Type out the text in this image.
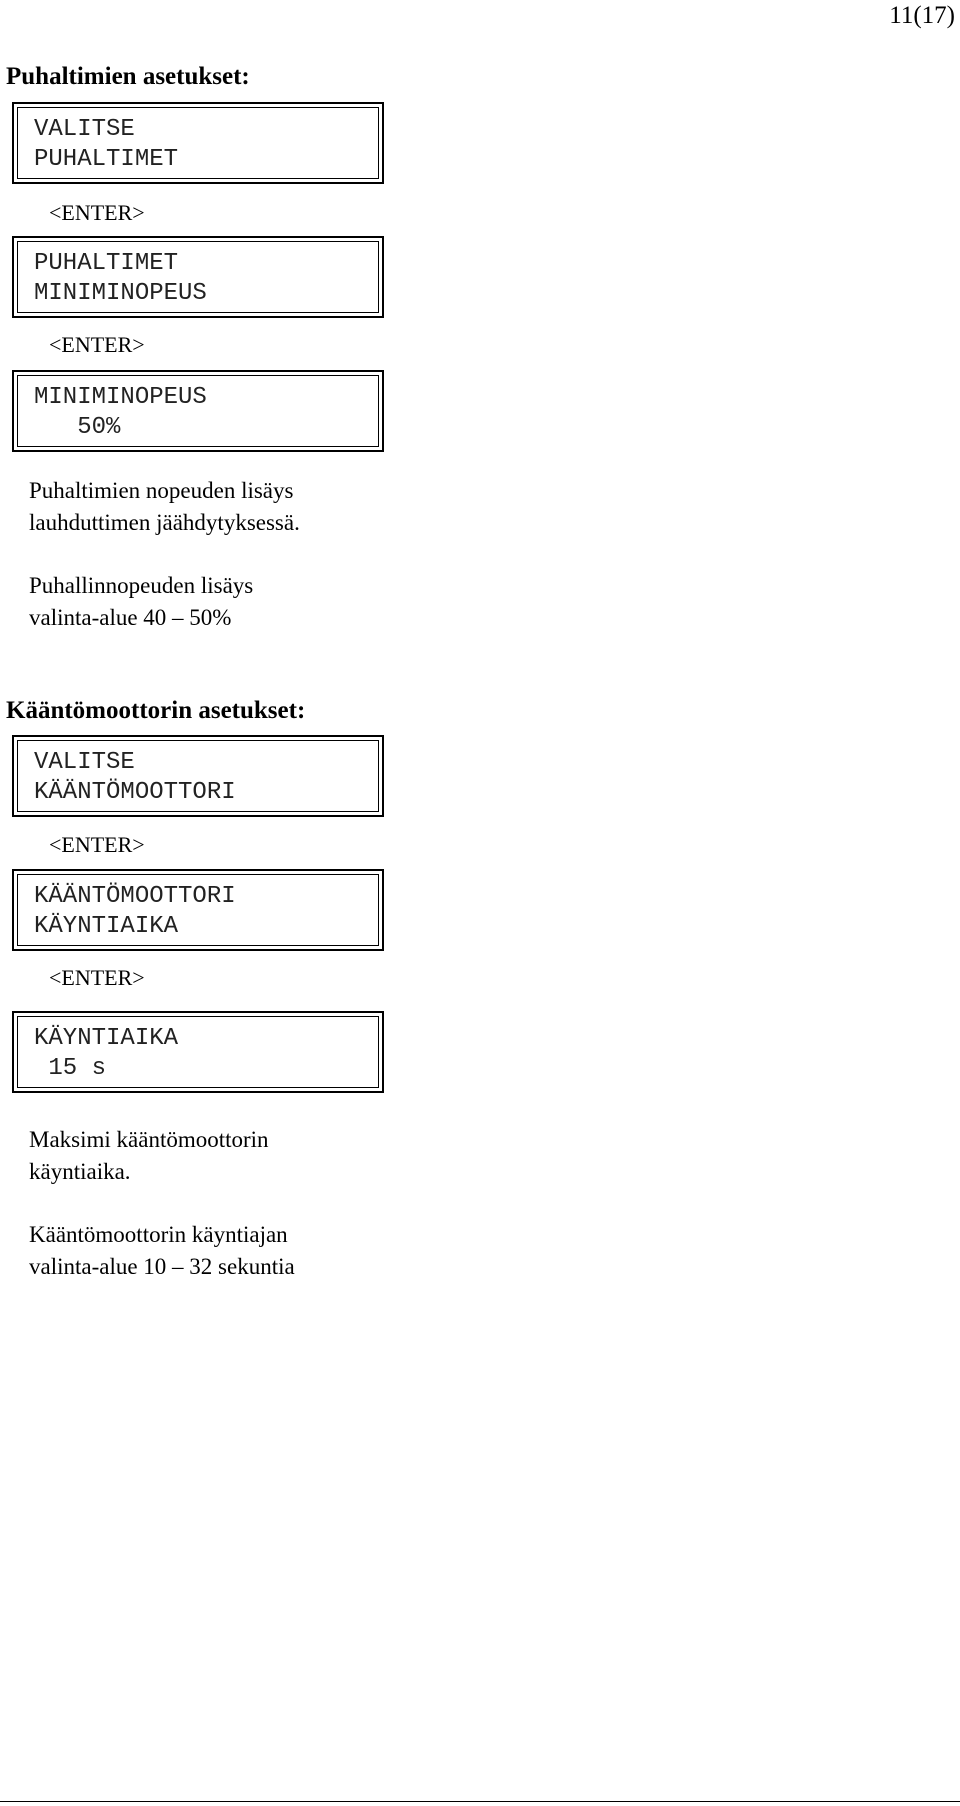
11(17)
Puhaltimien asetukset:
VALITSE
PUHALTIMET
<ENTER>
PUHALTIMET
MINIMINOPEUS
<ENTER>
MINIMINOPEUS
50%

Puhaltimien nopeuden lisäys
lauhduttimen jäähdytyksessä.

Puhallinnopeuden lisäys
valinta-alue 40 – 50%

Kääntömoottorin asetukset:
VALITSE
KÄÄNTÖMOOTTORI
<ENTER>
KÄÄNTÖMOOTTORI
KÄYNTIAIKA
<ENTER>
KÄYNTIAIKA
15 s

Maksimi kääntömoottorin
käyntiaika.

Kääntömoottorin käyntiajan
valinta-alue 10 – 32 sekuntia
